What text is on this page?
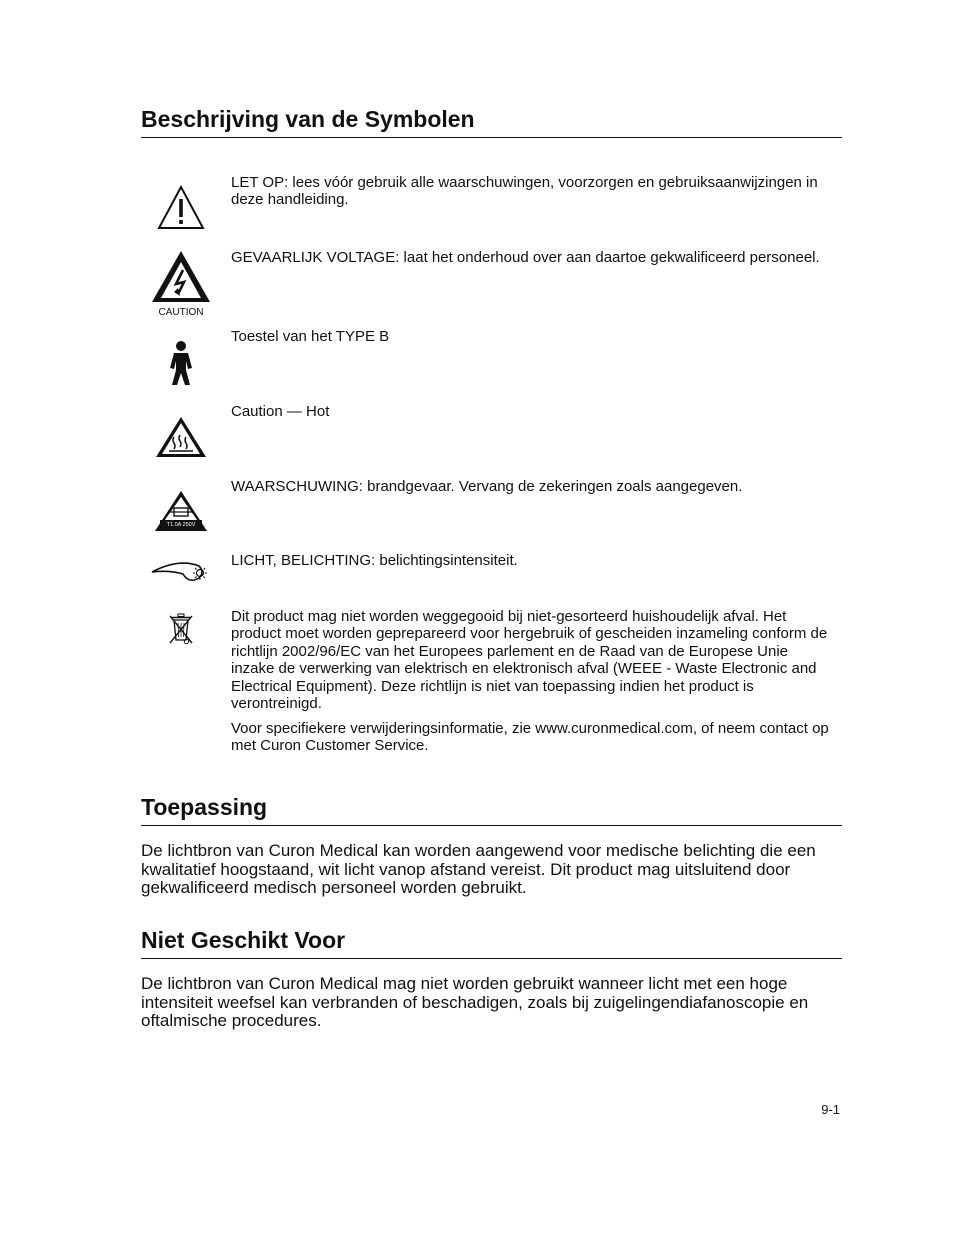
Beschrijving van de Symbolen

LET OP: lees vóór gebruik alle waarschuwingen, voorzorgen en gebruiksaanwijzingen in deze handleiding.

CAUTION

GEVAARLIJK VOLTAGE: laat het onderhoud over aan daartoe gekwalificeerd personeel.

Toestel van het TYPE B

Caution — Hot

T1.0A 250V

WAARSCHUWING: brandgevaar. Vervang de zekeringen zoals aangegeven.

LICHT, BELICHTING: belichtingsintensiteit.

Dit product mag niet worden weggegooid bij niet-gesorteerd huishoudelijk afval. Het product moet worden geprepareerd voor hergebruik of gescheiden inzameling conform de richtlijn 2002/96/EC van het Europees parlement en de Raad van de Europese Unie inzake de verwerking van elektrisch en elektronisch afval (WEEE - Waste Electronic and Electrical Equipment). Deze richtlijn is niet van toepassing indien het product is verontreinigd.

Voor specifiekere verwijderingsinformatie, zie www.curonmedical.com, of neem contact op met Curon Customer Service.

Toepassing

De lichtbron van Curon Medical kan worden aangewend voor medische belichting die een kwalitatief hoogstaand, wit licht vanop afstand vereist. Dit product mag uitsluitend door gekwalificeerd medisch personeel worden gebruikt.

Niet Geschikt Voor

De lichtbron van Curon Medical mag niet worden gebruikt wanneer licht met een hoge intensiteit weefsel kan verbranden of beschadigen, zoals bij zuigelingendiafanoscopie en oftalmische procedures.

9-1
